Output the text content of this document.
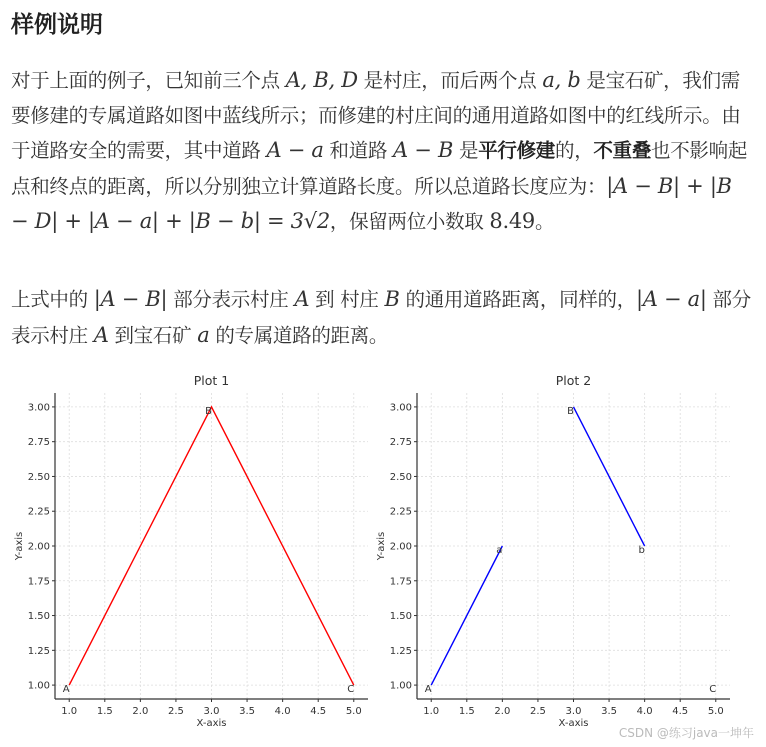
样例说明
对于上面的例子，已知前三个点 A, B, D 是村庄，而后两个点 a, b 是宝石矿，我们需要修建的专属道路如图中蓝线所示；而修建的村庄间的通用道路如图中的红线所示。由于道路安全的需要，其中道路 A − a 和道路 A − B 是平行修建的，不重叠也不影响起点和终点的距离，所以分别独立计算道路长度。所以总道路长度应为：|A − B| + |B − D| + |A − a| + |B − b| = 3√2，保留两位小数取 8.49。
上式中的 |A − B| 部分表示村庄 A 到 村庄 B 的通用道路距离，同样的，|A − a| 部分表示村庄 A 到宝石矿 a 的专属道路的距离。
1.0 1.5 2.0 2.5 3.0 3.5 4.0 4.5 5.0
1.00
1.25
1.50
1.75
2.00
2.25
2.50
2.75
3.00
A
B
C
Plot 1
X-axis
Y-axis
1.0 1.5 2.0 2.5 3.0 3.5 4.0 4.5 5.0
1.00
1.25
1.50
1.75
2.00
2.25
2.50
2.75
3.00
A
B
C
a	b
Plot 2
X-axis
Y-axis
CSDN @练习java一坤年
